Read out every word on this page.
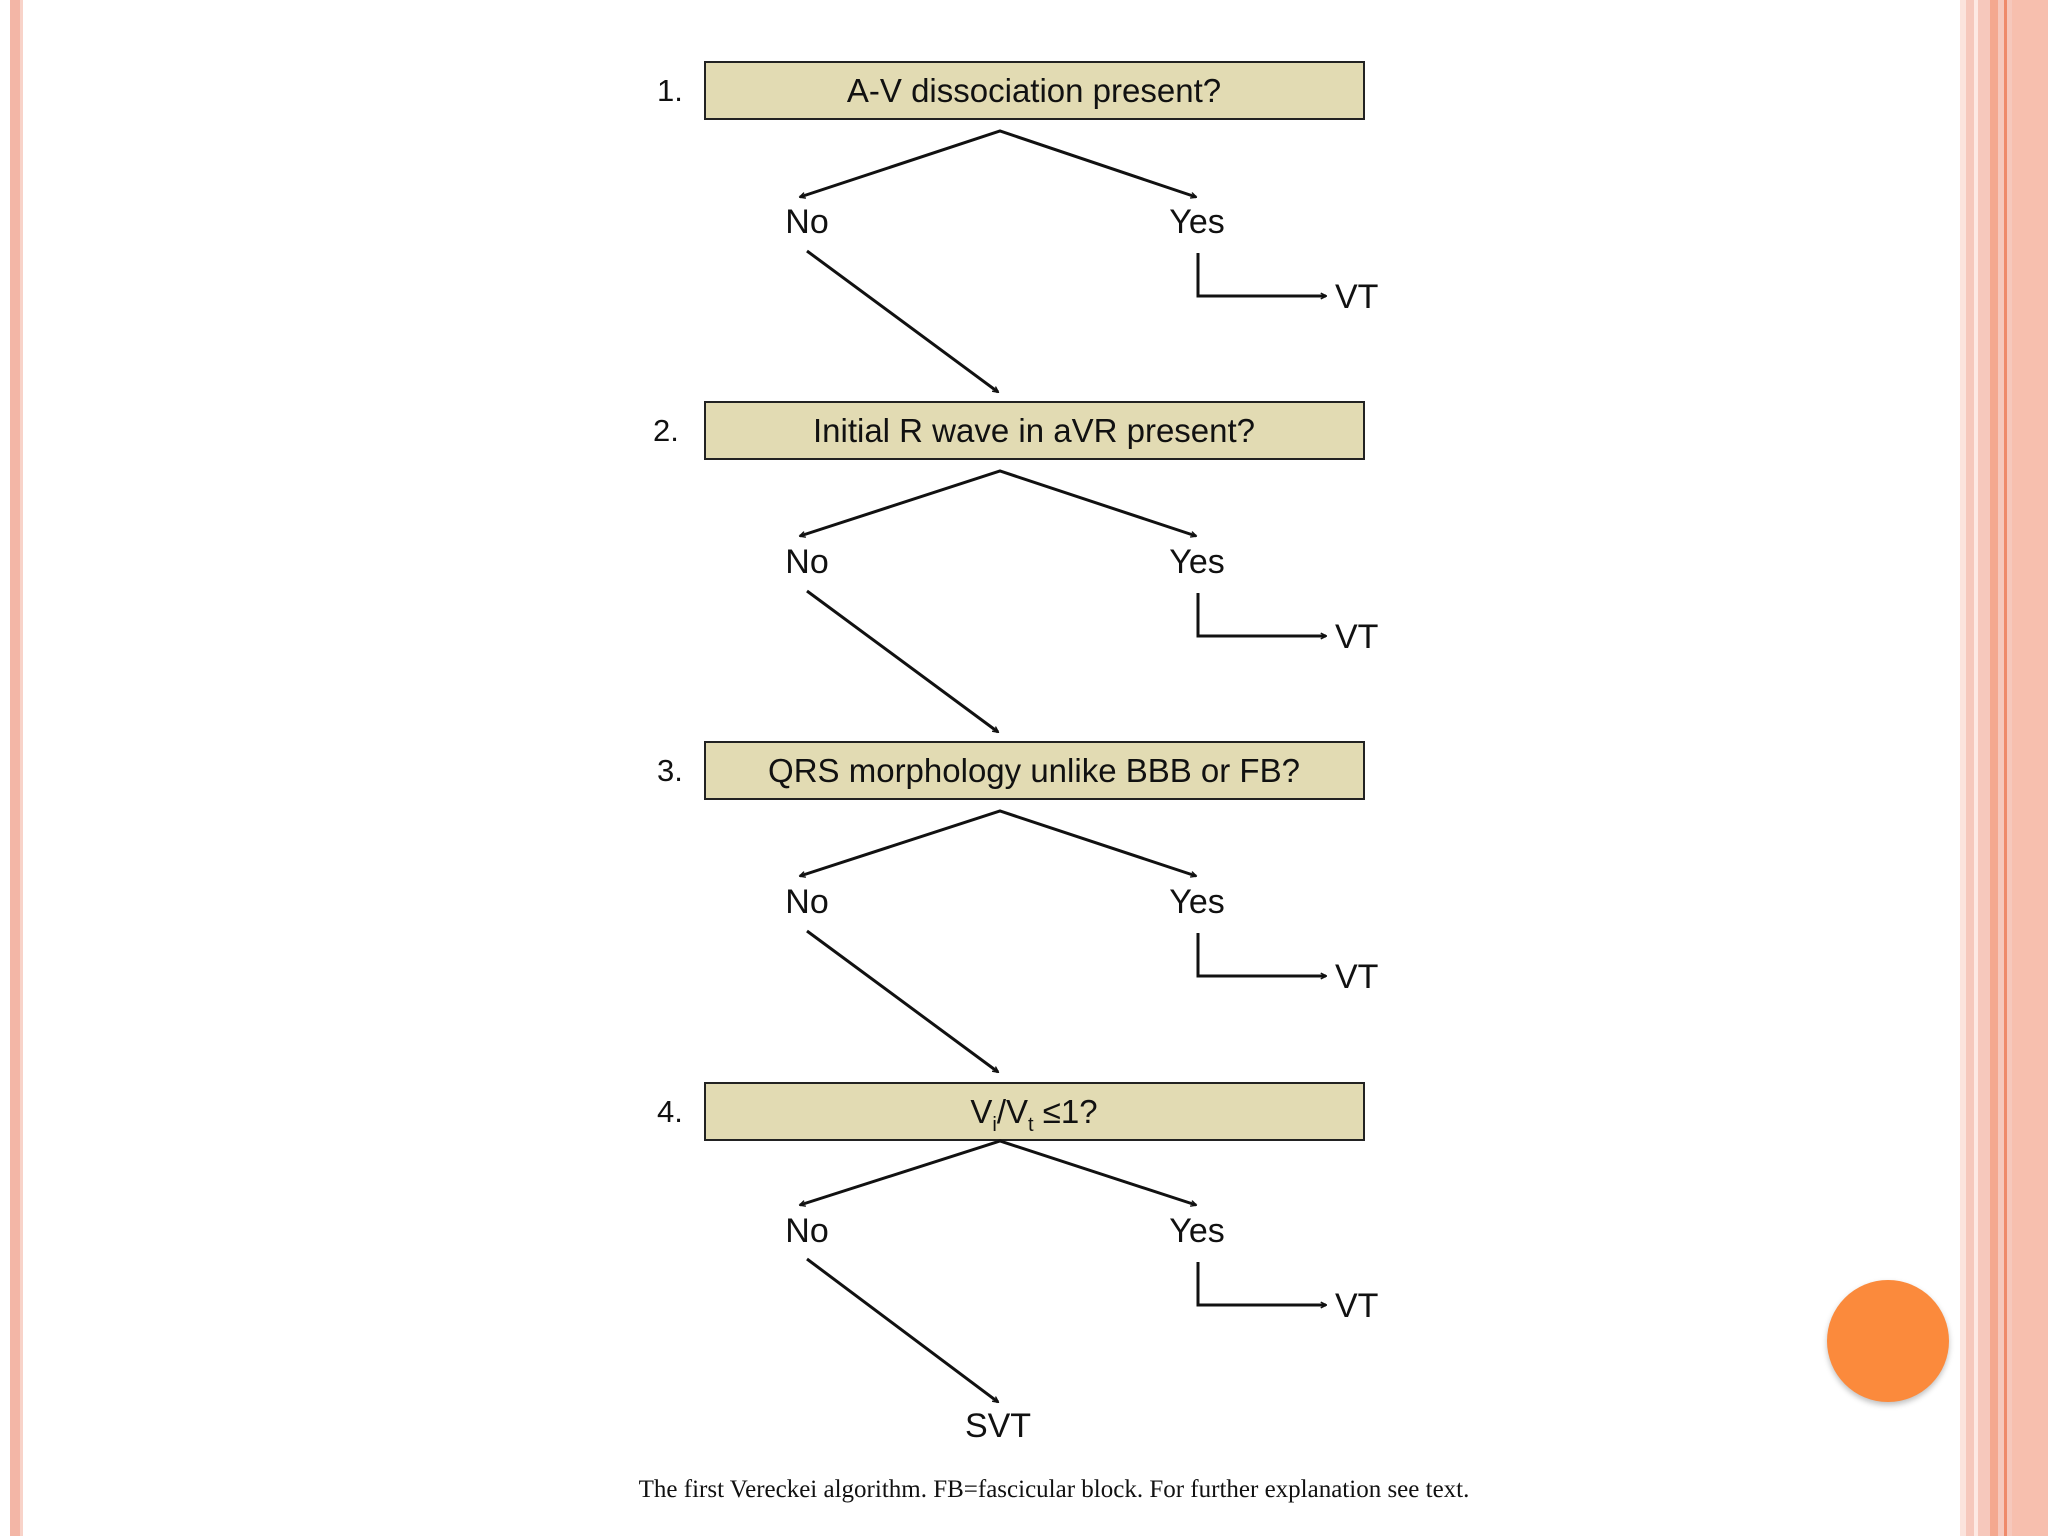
1.	A-V dissociation present?
No	Yes
VT
2.	Initial R wave in aVR present?
No	Yes
VT
3.	QRS morphology unlike BBB or FB?
No	Yes
VT
4.	$V_i/V_t \le 1$?
No	Yes
VT
SVT
The first Vereckei algorithm. FB=fascicular block. For further explanation see text.
